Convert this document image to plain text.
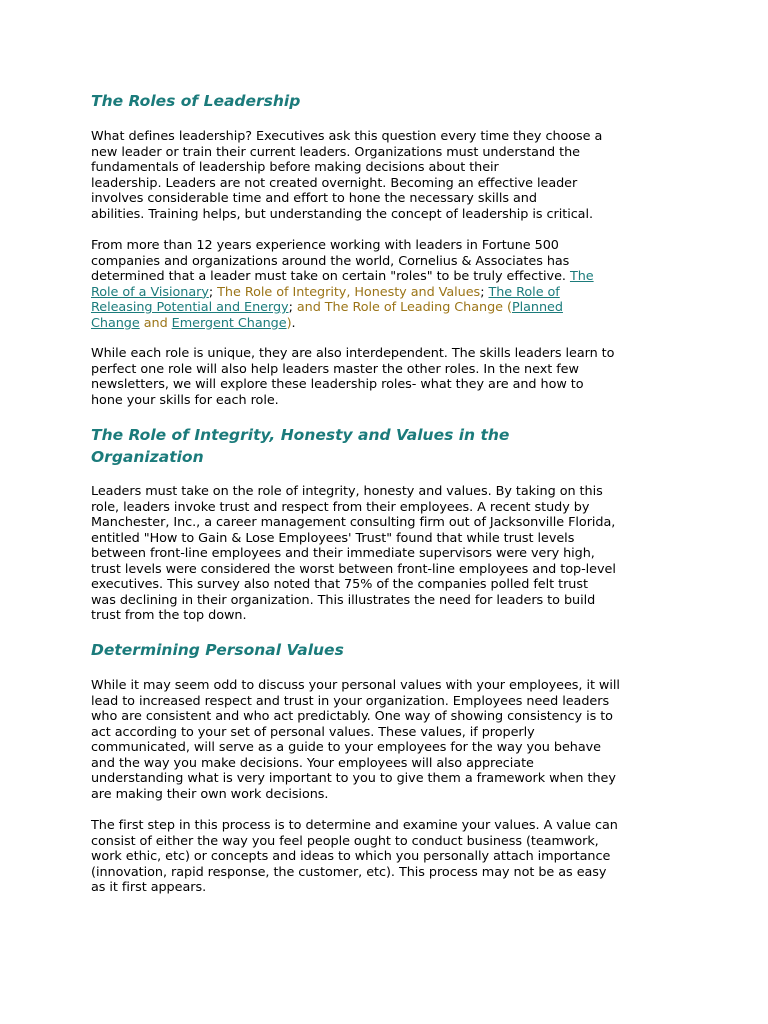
The Roles of Leadership

What defines leadership? Executives ask this question every time they choose a
new leader or train their current leaders. Organizations must understand the
fundamentals of leadership before making decisions about their
leadership. Leaders are not created overnight. Becoming an effective leader
involves considerable time and effort to hone the necessary skills and
abilities. Training helps, but understanding the concept of leadership is critical.

From more than 12 years experience working with leaders in Fortune 500
companies and organizations around the world, Cornelius & Associates has
determined that a leader must take on certain "roles" to be truly effective. The
Role of a Visionary; The Role of Integrity, Honesty and Values; The Role of
Releasing Potential and Energy; and The Role of Leading Change (Planned
Change and Emergent Change).

While each role is unique, they are also interdependent. The skills leaders learn to
perfect one role will also help leaders master the other roles. In the next few
newsletters, we will explore these leadership roles- what they are and how to
hone your skills for each role.

The Role of Integrity, Honesty and Values in the
Organization

Leaders must take on the role of integrity, honesty and values. By taking on this
role, leaders invoke trust and respect from their employees. A recent study by
Manchester, Inc., a career management consulting firm out of Jacksonville Florida,
entitled "How to Gain & Lose Employees' Trust" found that while trust levels
between front-line employees and their immediate supervisors were very high,
trust levels were considered the worst between front-line employees and top-level
executives. This survey also noted that 75% of the companies polled felt trust
was declining in their organization. This illustrates the need for leaders to build
trust from the top down.

Determining Personal Values

While it may seem odd to discuss your personal values with your employees, it will
lead to increased respect and trust in your organization. Employees need leaders
who are consistent and who act predictably. One way of showing consistency is to
act according to your set of personal values. These values, if properly
communicated, will serve as a guide to your employees for the way you behave
and the way you make decisions. Your employees will also appreciate
understanding what is very important to you to give them a framework when they
are making their own work decisions.

The first step in this process is to determine and examine your values. A value can
consist of either the way you feel people ought to conduct business (teamwork,
work ethic, etc) or concepts and ideas to which you personally attach importance
(innovation, rapid response, the customer, etc). This process may not be as easy
as it first appears.
